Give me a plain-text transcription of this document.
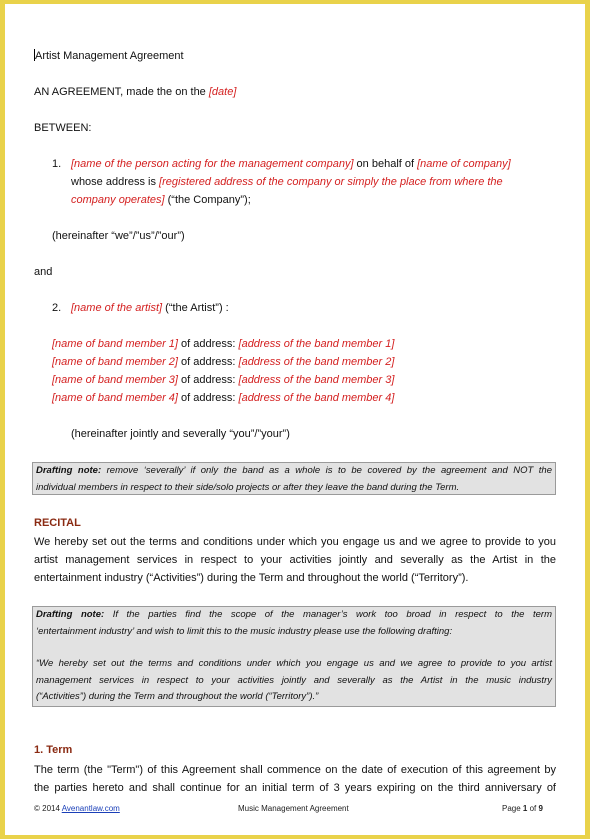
Artist Management Agreement
AN AGREEMENT, made the on the [date]
BETWEEN:
1. [name of the person acting for the management company] on behalf of [name of company]
whose address is [registered address of the company or simply the place from where the
company operates] (“the Company”);
(hereinafter “we”/”us”/”our”)
and
2. [name of the artist] (“the Artist”) :
[name of band member 1] of address: [address of the band member 1]
[name of band member 2] of address: [address of the band member 2]
[name of band member 3] of address: [address of the band member 3]
[name of band member 4] of address: [address of the band member 4]
(hereinafter jointly and severally “you”/”your”)
Drafting note: remove ‘severally’ if only the band as a whole is to be covered by the agreement and NOT the
individual members in respect to their side/solo projects or after they leave the band during the Term.
RECITAL
We hereby set out the terms and conditions under which you engage us and we agree to provide to you
artist management services in respect to your activities jointly and severally as the Artist in the
entertainment industry (“Activities”) during the Term and throughout the world (“Territory”).
Drafting note: If the parties find the scope of the manager’s work too broad in respect to the term
‘entertainment industry’ and wish to limit this to the music industry please use the following drafting:
“We hereby set out the terms and conditions under which you engage us and we agree to provide to you artist
management services in respect to your activities jointly and severally as the Artist in the music industry
(“Activities”) during the Term and throughout the world (“Territory”).”
1. Term
The term (the "Term") of this Agreement shall commence on the date of execution of this agreement by
the parties hereto and shall continue for an initial term of 3 years expiring on the third anniversary of
© 2014 Avenantlaw.com	Music Management Agreement	Page 1 of 9
